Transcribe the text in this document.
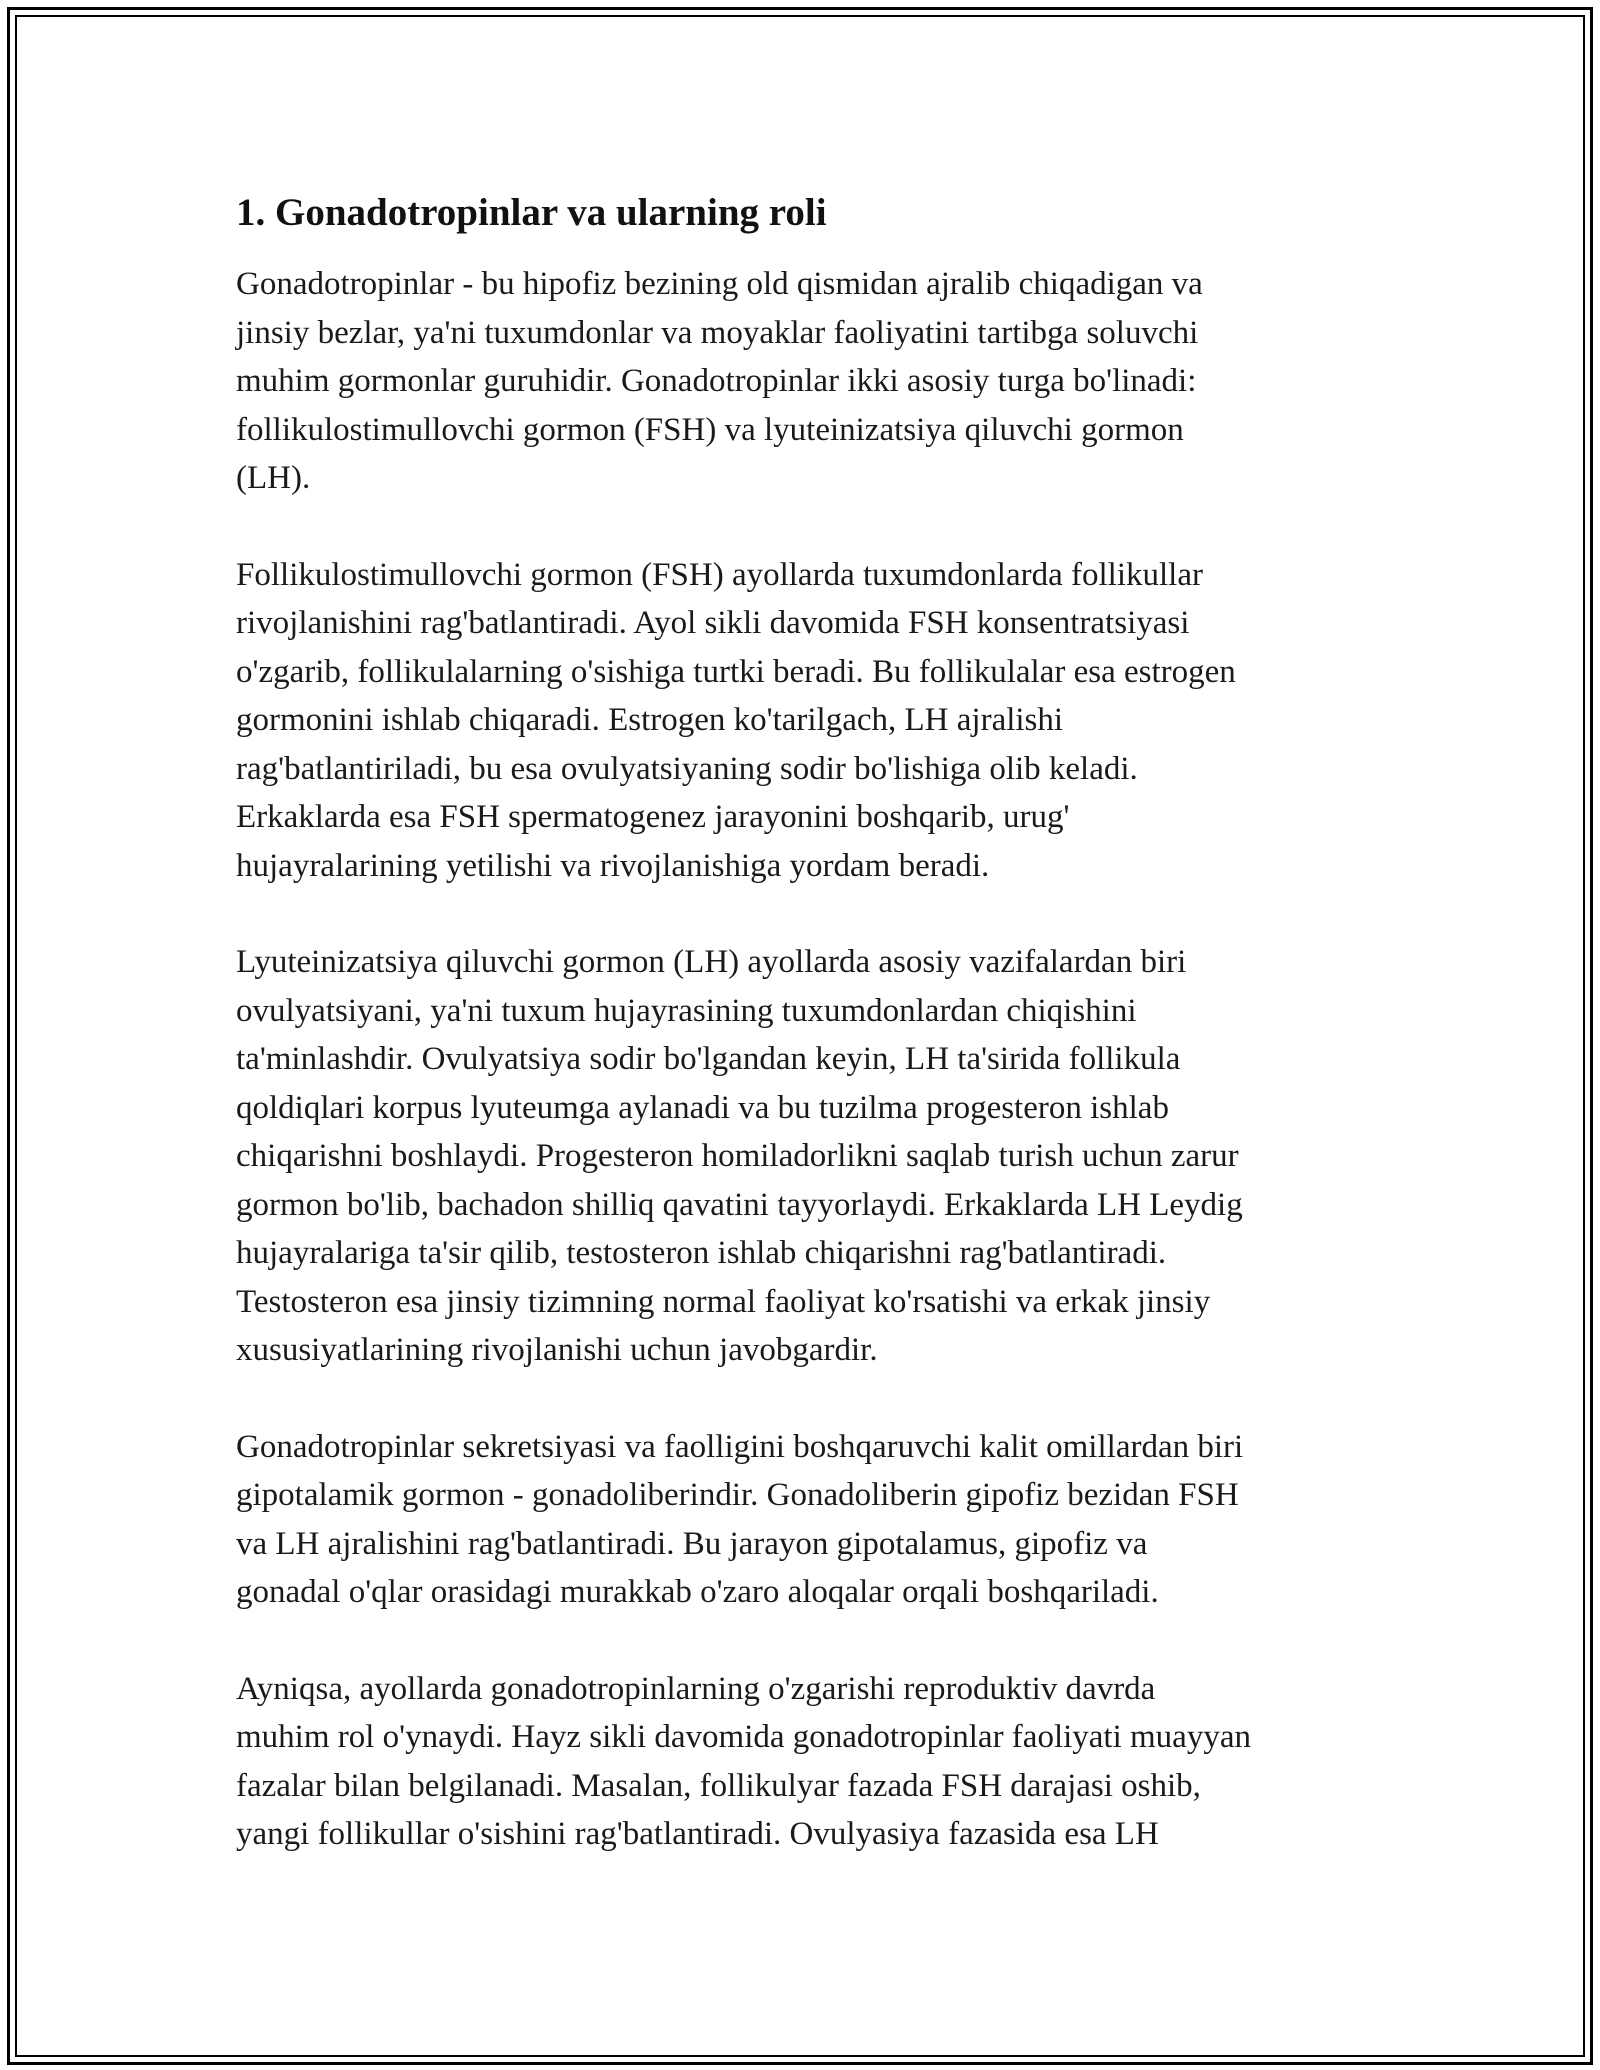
1. Gonadotropinlar va ularning roli

Gonadotropinlar - bu hipofiz bezining old qismidan ajralib chiqadigan va
jinsiy bezlar, ya'ni tuxumdonlar va moyaklar faoliyatini tartibga soluvchi
muhim gormonlar guruhidir. Gonadotropinlar ikki asosiy turga bo'linadi:
follikulostimullovchi gormon (FSH) va lyuteinizatsiya qiluvchi gormon
(LH).

Follikulostimullovchi gormon (FSH) ayollarda tuxumdonlarda follikullar
rivojlanishini rag'batlantiradi. Ayol sikli davomida FSH konsentratsiyasi
o'zgarib, follikulalarning o'sishiga turtki beradi. Bu follikulalar esa estrogen
gormonini ishlab chiqaradi. Estrogen ko'tarilgach, LH ajralishi
rag'batlantiriladi, bu esa ovulyatsiyaning sodir bo'lishiga olib keladi.
Erkaklarda esa FSH spermatogenez jarayonini boshqarib, urug'
hujayralarining yetilishi va rivojlanishiga yordam beradi.

Lyuteinizatsiya qiluvchi gormon (LH) ayollarda asosiy vazifalardan biri
ovulyatsiyani, ya'ni tuxum hujayrasining tuxumdonlardan chiqishini
ta'minlashdir. Ovulyatsiya sodir bo'lgandan keyin, LH ta'sirida follikula
qoldiqlari korpus lyuteumga aylanadi va bu tuzilma progesteron ishlab
chiqarishni boshlaydi. Progesteron homiladorlikni saqlab turish uchun zarur
gormon bo'lib, bachadon shilliq qavatini tayyorlaydi. Erkaklarda LH Leydig
hujayralariga ta'sir qilib, testosteron ishlab chiqarishni rag'batlantiradi.
Testosteron esa jinsiy tizimning normal faoliyat ko'rsatishi va erkak jinsiy
xususiyatlarining rivojlanishi uchun javobgardir.

Gonadotropinlar sekretsiyasi va faolligini boshqaruvchi kalit omillardan biri
gipotalamik gormon - gonadoliberindir. Gonadoliberin gipofiz bezidan FSH
va LH ajralishini rag'batlantiradi. Bu jarayon gipotalamus, gipofiz va
gonadal o'qlar orasidagi murakkab o'zaro aloqalar orqali boshqariladi.

Ayniqsa, ayollarda gonadotropinlarning o'zgarishi reproduktiv davrda
muhim rol o'ynaydi. Hayz sikli davomida gonadotropinlar faoliyati muayyan
fazalar bilan belgilanadi. Masalan, follikulyar fazada FSH darajasi oshib,
yangi follikullar o'sishini rag'batlantiradi. Ovulyasiya fazasida esa LH
